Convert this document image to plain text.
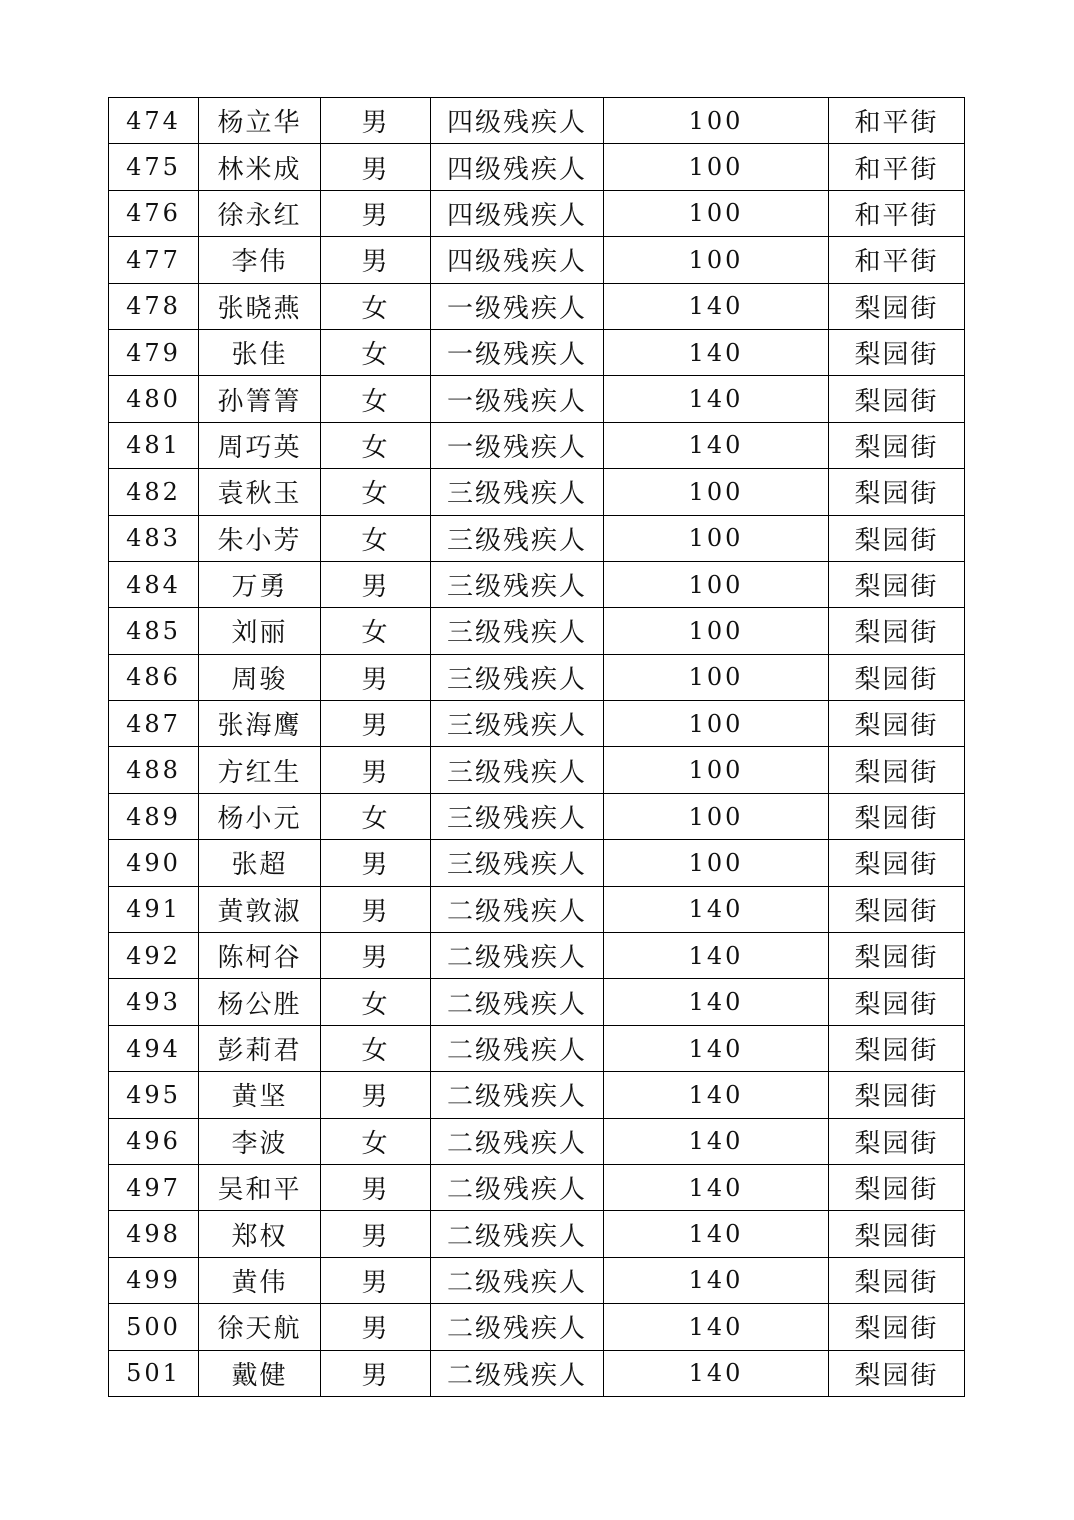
474	杨立华	男	四级残疾人	100	和平街
475	林米成	男	四级残疾人	100	和平街
476	徐永红	男	四级残疾人	100	和平街
477	李伟	男	四级残疾人	100	和平街
478	张晓燕	女	一级残疾人	140	梨园街
479	张佳	女	一级残疾人	140	梨园街
480	孙箐箐	女	一级残疾人	140	梨园街
481	周巧英	女	一级残疾人	140	梨园街
482	袁秋玉	女	三级残疾人	100	梨园街
483	朱小芳	女	三级残疾人	100	梨园街
484	万勇	男	三级残疾人	100	梨园街
485	刘丽	女	三级残疾人	100	梨园街
486	周骏	男	三级残疾人	100	梨园街
487	张海鹰	男	三级残疾人	100	梨园街
488	方红生	男	三级残疾人	100	梨园街
489	杨小元	女	三级残疾人	100	梨园街
490	张超	男	三级残疾人	100	梨园街
491	黄敦淑	男	二级残疾人	140	梨园街
492	陈柯谷	男	二级残疾人	140	梨园街
493	杨公胜	女	二级残疾人	140	梨园街
494	彭莉君	女	二级残疾人	140	梨园街
495	黄坚	男	二级残疾人	140	梨园街
496	李波	女	二级残疾人	140	梨园街
497	吴和平	男	二级残疾人	140	梨园街
498	郑权	男	二级残疾人	140	梨园街
499	黄伟	男	二级残疾人	140	梨园街
500	徐天航	男	二级残疾人	140	梨园街
501	戴健	男	二级残疾人	140	梨园街
